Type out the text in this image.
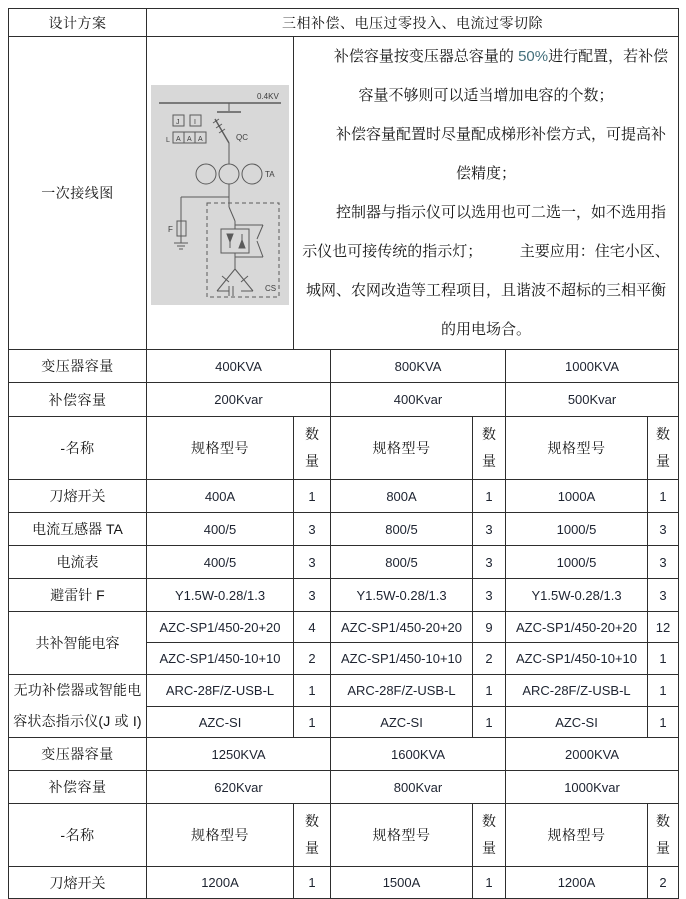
设计方案	三相补偿、电压过零投入、电流过零切除					
一次接线图	
0.4KV
QC
TA
F
CS
J I
L A A A

补偿容量按变压器总容量的 50%进行配置，若补偿容量不够则可以适当增加电容的个数；

补偿容量配置时尽量配成梯形补偿方式，可提高补偿精度；

控制器与指示仪可以选用也可二选一，如不选用指示仪也可接传统的指示灯；　　　主要应用：住宅小区、城网、农网改造等工程项目，且谐波不超标的三相平衡的用电场合。

变压器容量	400KVA		800KVA		1000KVA	
补偿容量	200Kvar		400Kvar		500Kvar	
-名称	规格型号	数量	规格型号	数量	规格型号	数量

刀熔开关	400A	1	800A	1	1000A	1
电流互感器 TA	400/5	3	800/5	3	1000/5	3
电流表	400/5	3	800/5	3	1000/5	3
避雷针 F	Y1.5W-0.28/1.3	3	Y1.5W-0.28/1.3	3	Y1.5W-0.28/1.3	3
共补智能电容	AZC-SP1/450-20+20	4	AZC-SP1/450-20+20	9	AZC-SP1/450-20+20	12
	AZC-SP1/450-10+10	2	AZC-SP1/450-10+10	2	AZC-SP1/450-10+10	1
无功补偿器或智能电容状态指示仪(J 或 I)	ARC-28F/Z-USB-L	1	ARC-28F/Z-USB-L	1	ARC-28F/Z-USB-L	1
	AZC-SI	1	AZC-SI	1	AZC-SI	1
变压器容量	1250KVA		1600KVA		2000KVA	
补偿容量	620Kvar		800Kvar		1000Kvar	
-名称	规格型号	数量	规格型号	数量	规格型号	数量

刀熔开关	1200A	1	1500A	1	1200A	2
